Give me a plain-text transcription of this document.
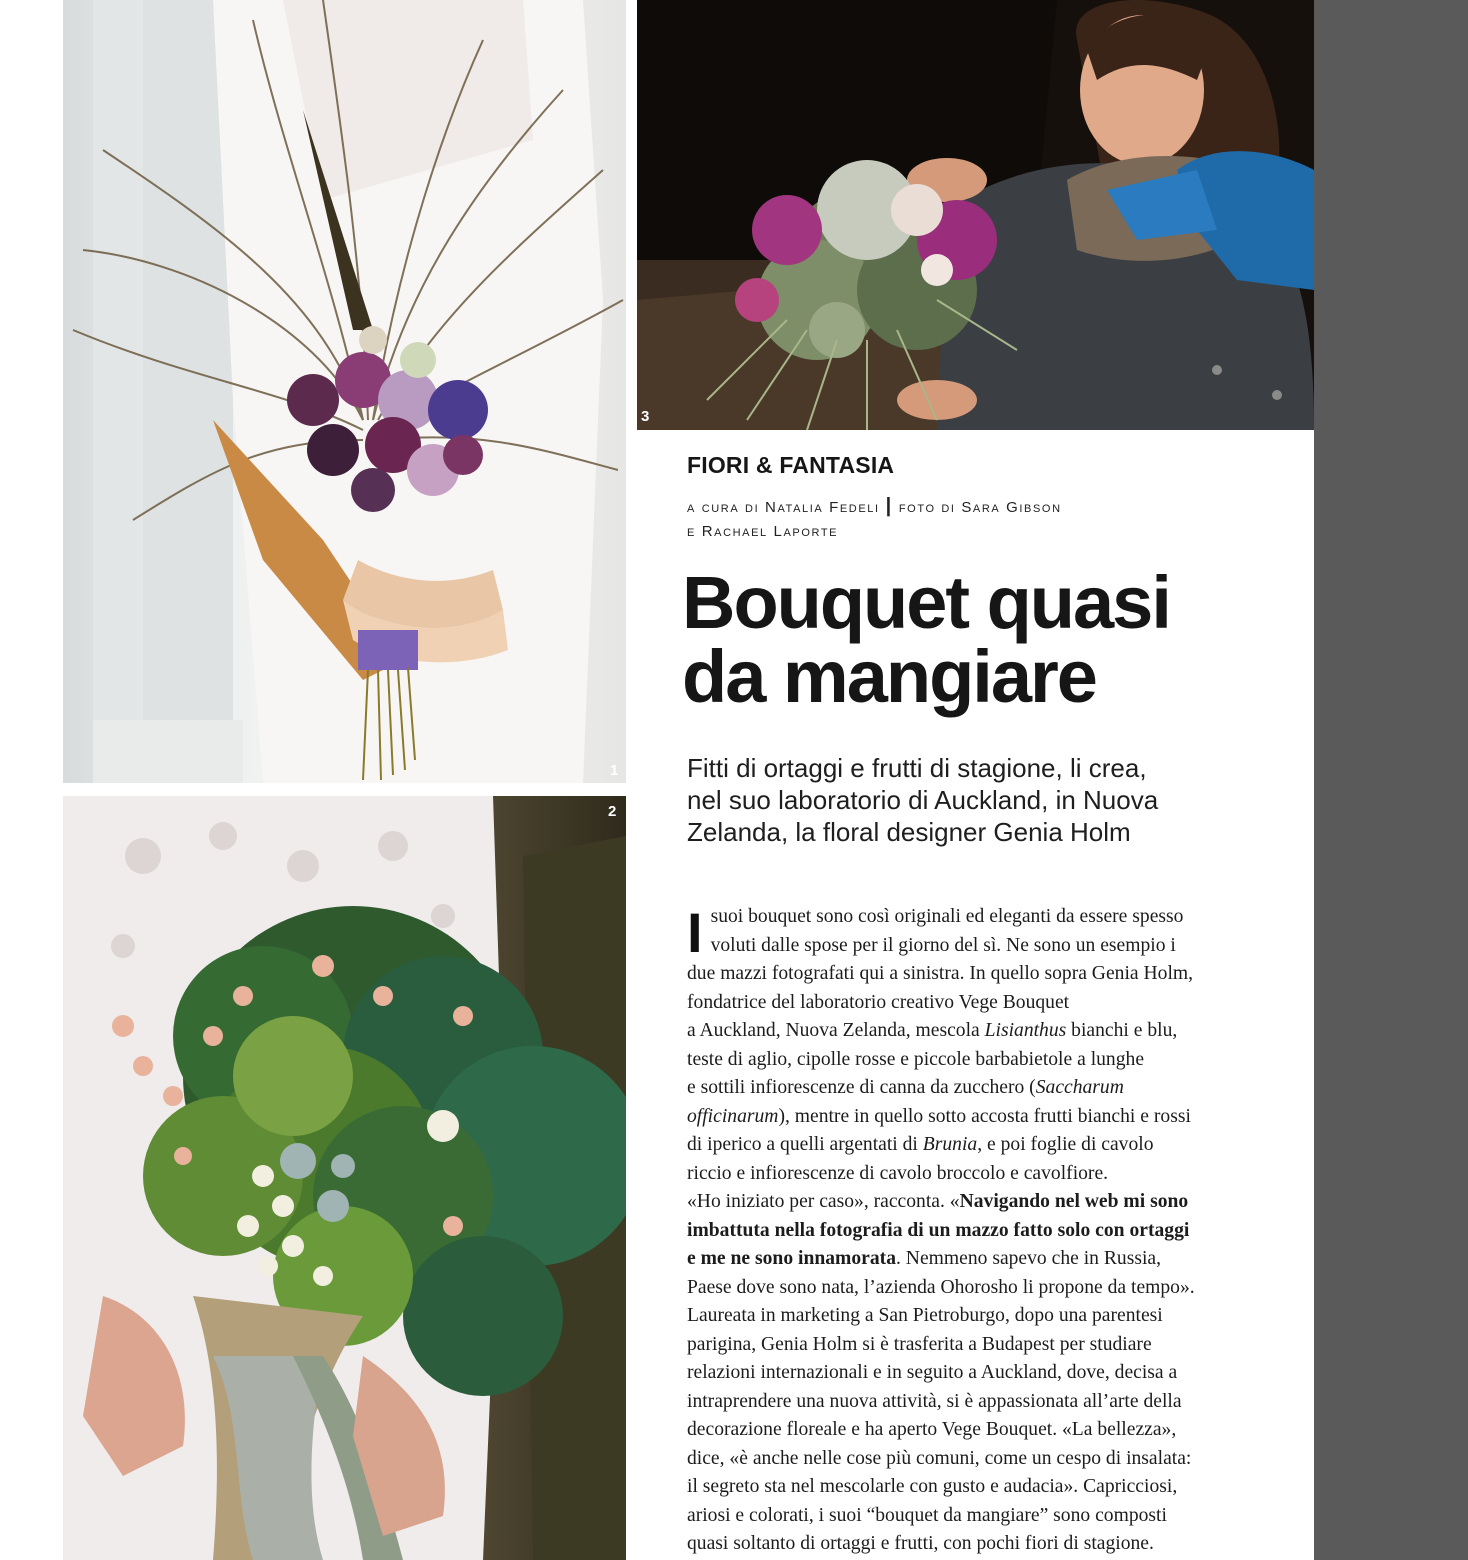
1
2
3
FIORI & FANTASIA
a cura di Natalia Fedeli | foto di Sara Gibson
e Rachael Laporte
Bouquet quasi
da mangiare
Fitti di ortaggi e frutti di stagione, li crea,
nel suo laboratorio di Auckland, in Nuova
Zelanda, la floral designer Genia Holm
I suoi bouquet sono così originali ed eleganti da essere spesso
voluti dalle spose per il giorno del sì. Ne sono un esempio i
due mazzi fotografati qui a sinistra. In quello sopra Genia Holm,
fondatrice del laboratorio creativo Vege Bouquet
a Auckland, Nuova Zelanda, mescola Lisianthus bianchi e blu,
teste di aglio, cipolle rosse e piccole barbabietole a lunghe
e sottili infiorescenze di canna da zucchero (Saccharum
officinarum), mentre in quello sotto accosta frutti bianchi e rossi
di iperico a quelli argentati di Brunia, e poi foglie di cavolo
riccio e infiorescenze di cavolo broccolo e cavolfiore.
«Ho iniziato per caso», racconta. «Navigando nel web mi sono
imbattuta nella fotografia di un mazzo fatto solo con ortaggi
e me ne sono innamorata. Nemmeno sapevo che in Russia,
Paese dove sono nata, l’azienda Ohorosho li propone da tempo».
Laureata in marketing a San Pietroburgo, dopo una parentesi
parigina, Genia Holm si è trasferita a Budapest per studiare
relazioni internazionali e in seguito a Auckland, dove, decisa a
intraprendere una nuova attività, si è appassionata all’arte della
decorazione floreale e ha aperto Vege Bouquet. «La bellezza»,
dice, «è anche nelle cose più comuni, come un cespo di insalata:
il segreto sta nel mescolarle con gusto e audacia». Capricciosi,
ariosi e colorati, i suoi “bouquet da mangiare” sono composti
quasi soltanto di ortaggi e frutti, con pochi fiori di stagione.
